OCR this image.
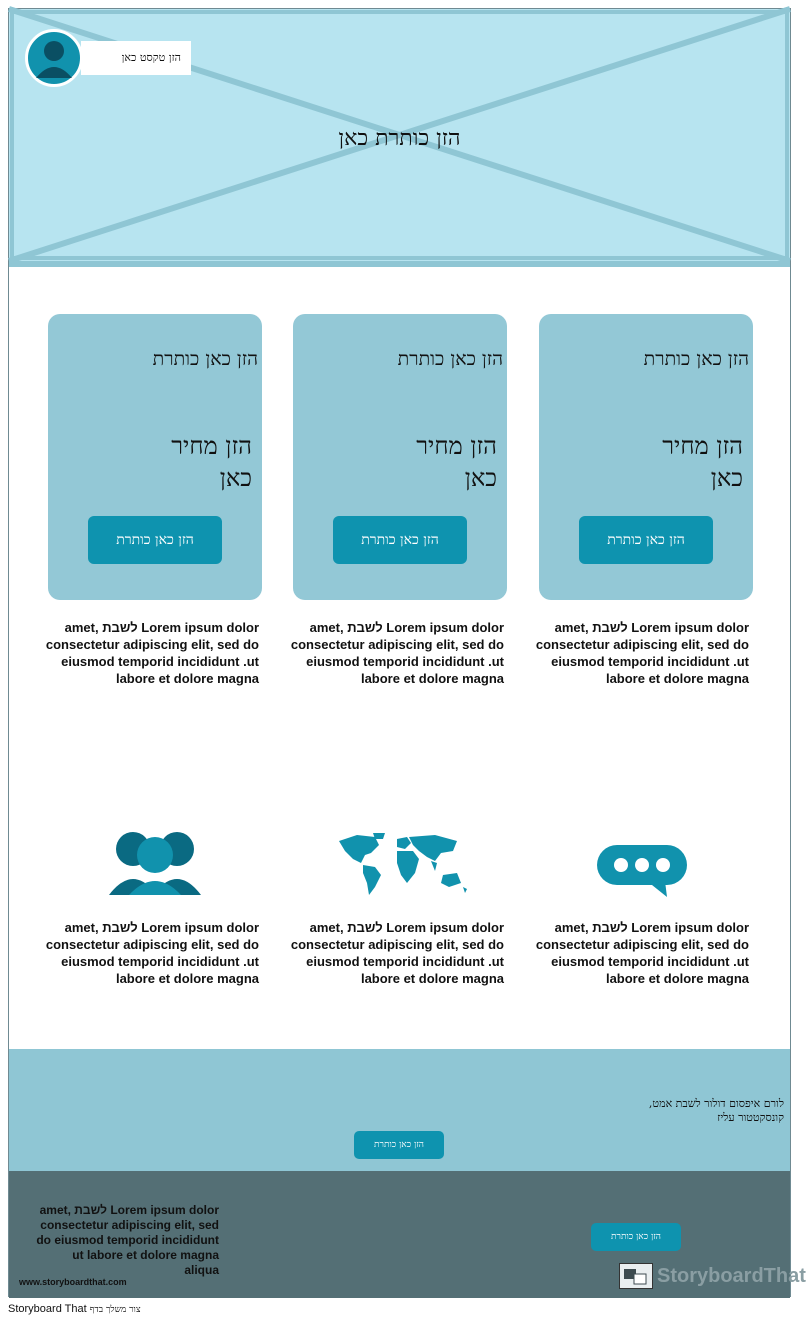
הזן כותרת כאן
הזן טקסט כאן
הזן כאן כותרת
הזן מחיר כאן
הזן כאן כותרת
הזן כאן כותרת
הזן מחיר כאן
הזן כאן כותרת
הזן כאן כותרת
הזן מחיר כאן
הזן כאן כותרת
amet, לשבת Lorem ipsum dolor consectetur adipiscing elit, sed do eiusmod temporid incididunt .ut labore et dolore magna
amet, לשבת Lorem ipsum dolor consectetur adipiscing elit, sed do eiusmod temporid incididunt .ut labore et dolore magna
amet, לשבת Lorem ipsum dolor consectetur adipiscing elit, sed do eiusmod temporid incididunt .ut labore et dolore magna
amet, לשבת Lorem ipsum dolor consectetur adipiscing elit, sed do eiusmod temporid incididunt .ut labore et dolore magna
amet, לשבת Lorem ipsum dolor consectetur adipiscing elit, sed do eiusmod temporid incididunt .ut labore et dolore magna
amet, לשבת Lorem ipsum dolor consectetur adipiscing elit, sed do eiusmod temporid incididunt .ut labore et dolore magna
לורם איפסום דולור לשבת אמט,
קונסקטטור עליז
הזן כאן כותרת
amet, לשבת Lorem ipsum dolor consectetur adipiscing elit, sed do eiusmod temporid incididunt ut labore et dolore magna aliqua
הזן כאן כותרת
www.storyboardthat.com	StoryboardThat
Storyboard That צור משלך בדף
